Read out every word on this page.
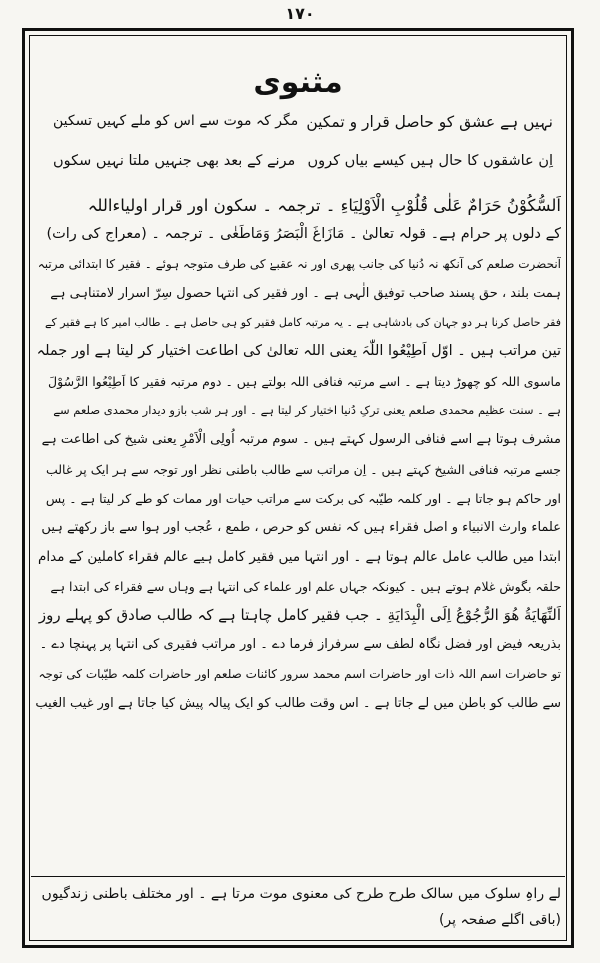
۱۷۰
مثنوی
نہیں ہے عشق کو حاصل قرار و تمکین
مگر کہ موت سے اس کو ملے کہیں تسکین
اِن عاشقوں کا حال ہیں کیسے بیاں کروں
مرنے کے بعد بھی جنہیں ملتا نہیں سکوں
اَلسُّکُوْنُ حَرَامٌ عَلٰی قُلُوْبِ الْاَوْلِیَاءِ ۔ ترجمہ ۔ سکون اور قرار اولیاءاللہ
کے دلوں پر حرام ہے۔ قولہ تعالیٰ ۔ مَازَاغَ الْبَصَرُ وَمَاطَغٰی ۔ ترجمہ ۔ (معراج کی رات)
آنحضرت صلعم کی آنکھ نہ دُنیا کی جانب پھری اور نہ عقبےٰ کی طرف متوجہ ہوئے ۔ فقیر کا ابتدائی مرتبہ
ہمت بلند ، حق پسند صاحب توفیق الٰہی ہے ۔ اور فقیر کی انتہا حصول سِرّ اسرار لامتناہی ہے
فقر حاصل کرنا ہر دو جہان کی بادشاہی ہے ۔ یہ مرتبہ کامل فقیر کو ہی حاصل ہے ۔ طالب امیر کا ہے فقیر کے
تین مراتب ہیں ۔ اوّل اَطِیْعُوا اللّٰہَ یعنی اللہ تعالیٰ کی اطاعت اختیار کر لیتا ہے اور جملہ
ماسوی اللہ کو چھوڑ دیتا ہے ۔ اسے مرتبہ فنافی اللہ بولتے ہیں ۔ دوم مرتبہ فقیر کا اَطِیْعُوا الرَّسُوْلَ
ہے ۔ سنت عظیم محمدی صلعم یعنی ترکِ دُنیا اختیار کر لیتا ہے ۔ اور ہر شب بازو دیدار محمدی صلعم سے
مشرف ہوتا ہے اسے فنافی الرسول کہتے ہیں ۔ سوم مرتبہ اُولِی الْاَمْرِ یعنی شیخ کی اطاعت ہے
جسے مرتبہ فنافی الشیخ کہتے ہیں ۔ اِن مراتب سے طالب باطنی نظر اور توجہ سے ہر ایک پر غالب
اور حاکم ہو جاتا ہے ۔ اور کلمہ طیّبہ کی برکت سے مراتب حیات اور ممات کو طے کر لیتا ہے ۔ پس
علماء وارث الانبیاء و اصل فقراء ہیں کہ نفس کو حرص ، طمع ، عُجب اور ہوا سے باز رکھتے ہیں
ابتدا میں طالب عامل عالم ہوتا ہے ۔ اور انتہا میں فقیر کامل ہیے عالم فقراء کاملین کے مدام
حلقہ بگوش غلام ہوتے ہیں ۔ کیونکہ جہاں علم اور علماء کی انتہا ہے وہاں سے فقراء کی ابتدا ہے
اَلنِّهَایَةُ هُوَ الرُّجُوْعُ اِلَی الْبِدَایَةِ ۔ جب فقیر کامل چاہتا ہے کہ طالب صادق کو پہلے روز
بذریعہ فیض اور فضل نگاہ لطف سے سرفراز فرما دے ۔ اور مراتب فقیری کی انتہا پر پہنچا دے ۔
تو حاضرات اسم اللہ ذات اور حاضرات اسم محمد سرور کائنات صلعم اور حاضرات کلمہ طیّبات کی توجہ
سے طالب کو باطن میں لے جاتا ہے ۔ اس وقت طالب کو ایک پیالہ پیش کیا جاتا ہے اور غیب الغیب
لے راہِ سلوک میں سالک طرح طرح کی معنوی موت مرتا ہے ۔ اور مختلف باطنی زندگیوں (باقی اگلے صفحہ پر)
